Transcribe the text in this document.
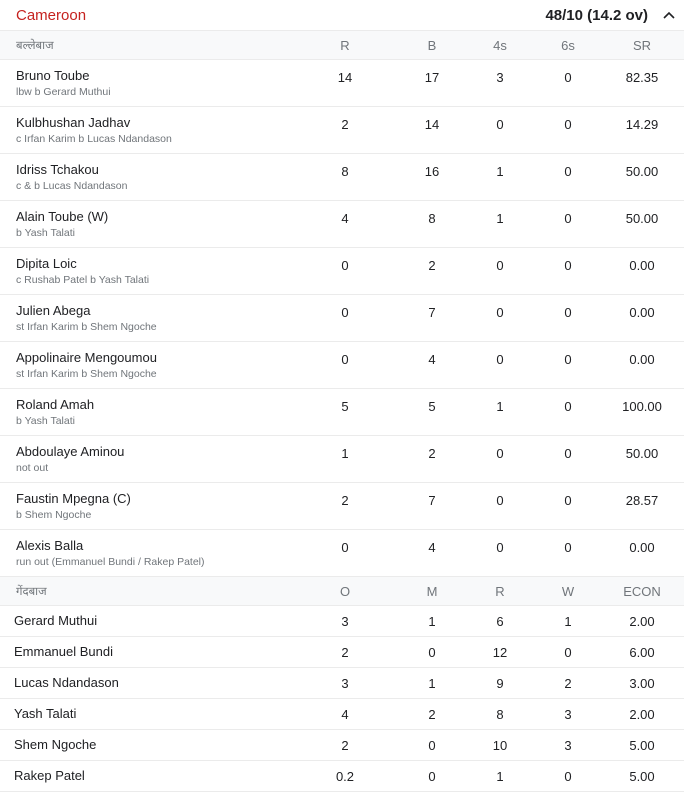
Cameroon	48/10 (14.2 ov)
बल्लेबाज	R	B	4s	6s	SR
Bruno Toube
lbw b Gerard Muthui
14	17	3	0	82.35
Kulbhushan Jadhav
c Irfan Karim b Lucas Ndandason
2	14	0	0	14.29
Idriss Tchakou
c & b Lucas Ndandason
8	16	1	0	50.00
Alain Toube (W)
b Yash Talati
4	8	1	0	50.00
Dipita Loic
c Rushab Patel b Yash Talati
0	2	0	0	0.00
Julien Abega
st Irfan Karim b Shem Ngoche
0	7	0	0	0.00
Appolinaire Mengoumou
st Irfan Karim b Shem Ngoche
0	4	0	0	0.00
Roland Amah
b Yash Talati
5	5	1	0	100.00
Abdoulaye Aminou
not out
1	2	0	0	50.00
Faustin Mpegna (C)
b Shem Ngoche
2	7	0	0	28.57
Alexis Balla
run out (Emmanuel Bundi / Rakep Patel)
0	4	0	0	0.00
गेंदबाज	O	M	R	W	ECON
Gerard Muthui	3	1	6	1	2.00
Emmanuel Bundi	2	0	12	0	6.00
Lucas Ndandason	3	1	9	2	3.00
Yash Talati	4	2	8	3	2.00
Shem Ngoche	2	0	10	3	5.00
Rakep Patel	0.2	0	1	0	5.00
